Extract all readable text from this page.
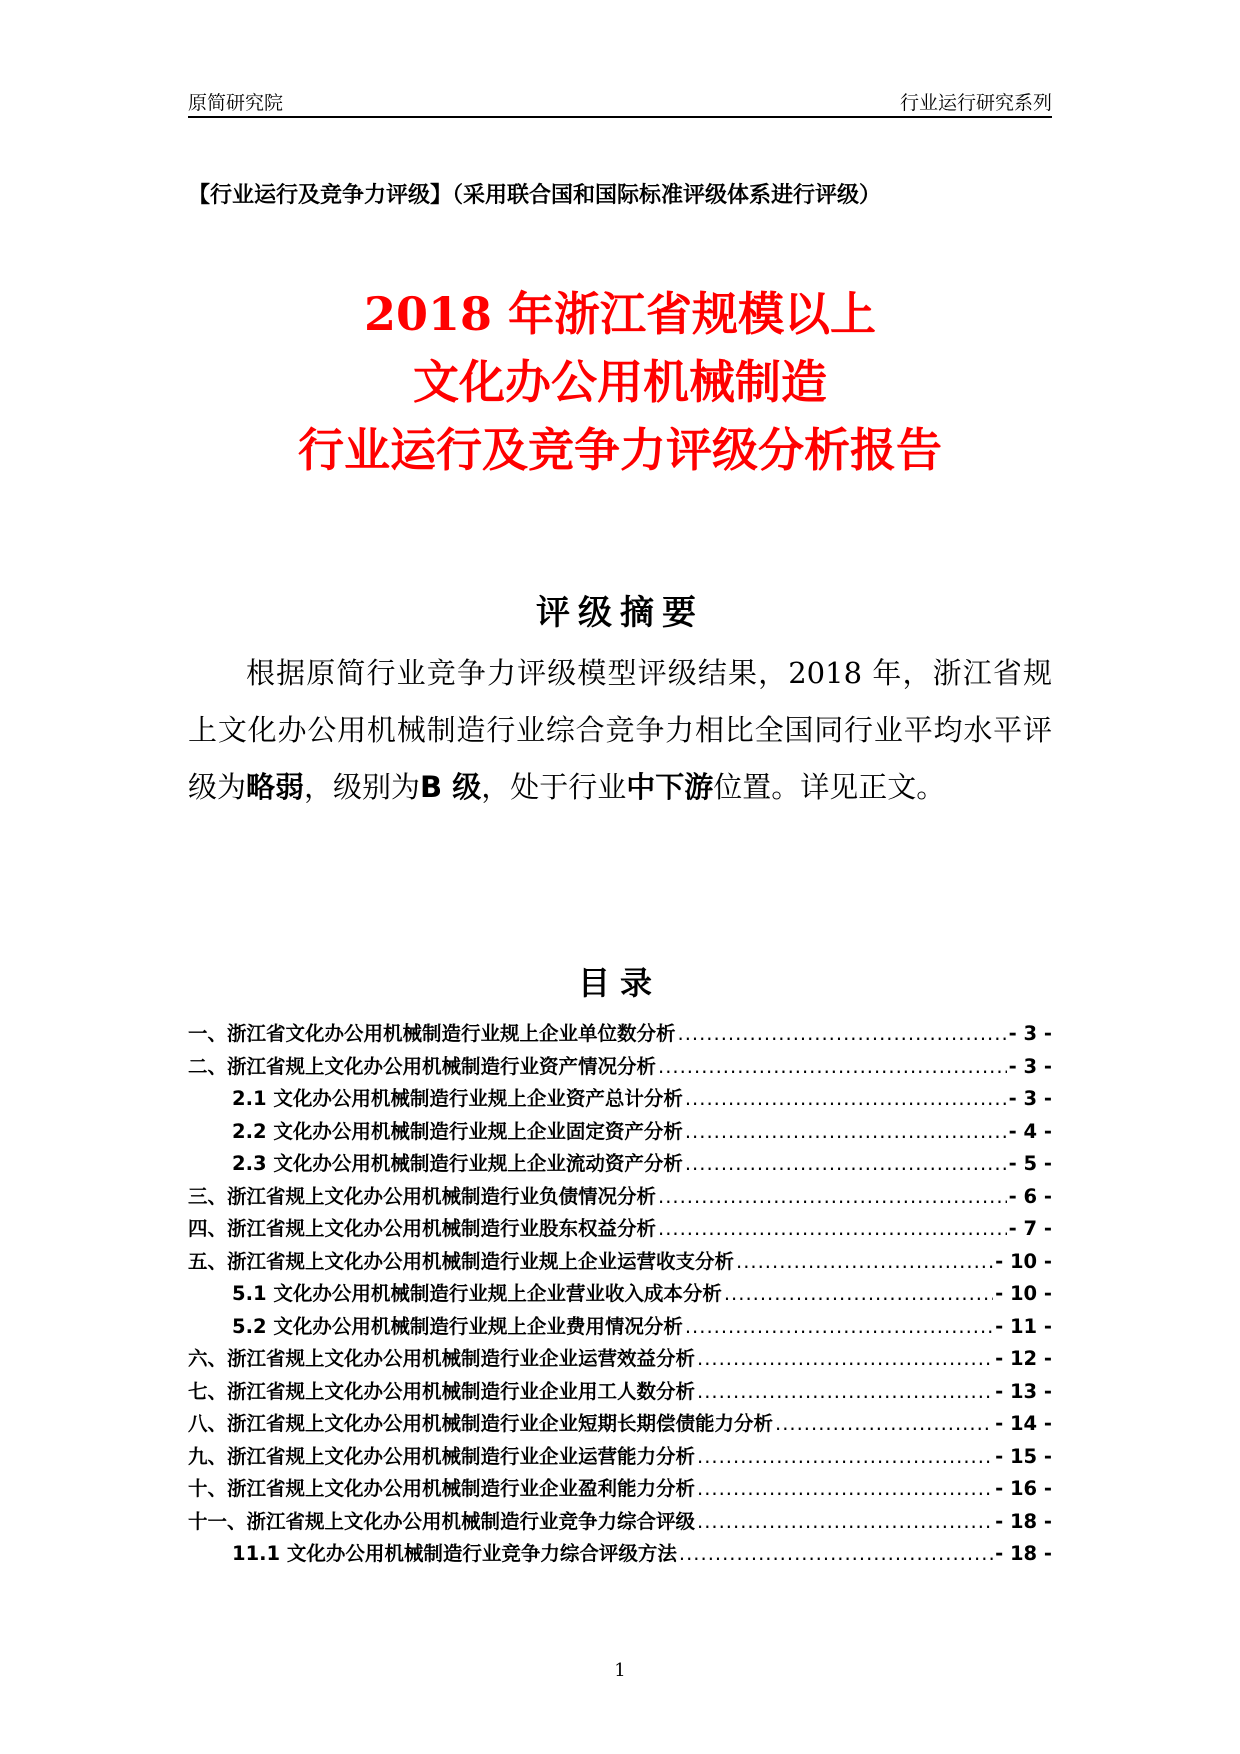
原简研究院	行业运行研究系列
【行业运行及竞争力评级】（采用联合国和国际标准评级体系进行评级）
2018 年浙江省规模以上
文化办公用机械制造
行业运行及竞争力评级分析报告
评级摘要
根据原简行业竞争力评级模型评级结果，2018 年，浙江省规上文化办公用机械制造行业综合竞争力相比全国同行业平均水平评级为略弱，级别为B 级，处于行业中下游位置。详见正文。
目录
一、浙江省文化办公用机械制造行业规上企业单位数分析 .....	- 3 -
二、浙江省规上文化办公用机械制造行业资产情况分析 .....	- 3 -
2.1 文化办公用机械制造行业规上企业资产总计分析 .....	- 3 -
2.2 文化办公用机械制造行业规上企业固定资产分析 .....	- 4 -
2.3 文化办公用机械制造行业规上企业流动资产分析 .....	- 5 -
三、浙江省规上文化办公用机械制造行业负债情况分析 .....	- 6 -
四、浙江省规上文化办公用机械制造行业股东权益分析 .....	- 7 -
五、浙江省规上文化办公用机械制造行业规上企业运营收支分析 .....	- 10 -
5.1 文化办公用机械制造行业规上企业营业收入成本分析 .....	- 10 -
5.2 文化办公用机械制造行业规上企业费用情况分析 .....	- 11 -
六、浙江省规上文化办公用机械制造行业企业运营效益分析 .....	- 12 -
七、浙江省规上文化办公用机械制造行业企业用工人数分析 .....	- 13 -
八、浙江省规上文化办公用机械制造行业企业短期长期偿债能力分析 .....	- 14 -
九、浙江省规上文化办公用机械制造行业企业运营能力分析 .....	- 15 -
十、浙江省规上文化办公用机械制造行业企业盈利能力分析 .....	- 16 -
十一、浙江省规上文化办公用机械制造行业竞争力综合评级 .....	- 18 -
11.1 文化办公用机械制造行业竞争力综合评级方法 .....	- 18 -
1
